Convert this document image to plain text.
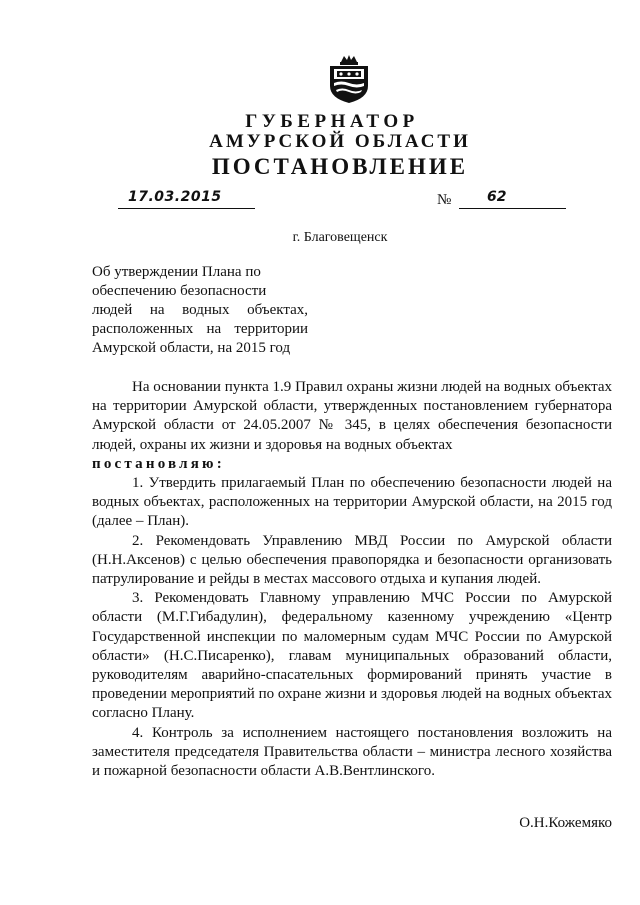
ГУБЕРНАТОР
АМУРСКОЙ ОБЛАСТИ
ПОСТАНОВЛЕНИЕ
17.03.2015	№	62
г. Благовещенск
Об утверждении Плана по
обеспечению безопасности
людей на водных объектах,
расположенных на территории
Амурской области, на 2015 год

На основании пункта 1.9 Правил охраны жизни людей на водных объектах на территории Амурской области, утвержденных постановлением губернатора Амурской области от 24.05.2007 № 345, в целях обеспечения безопасности людей, охраны их жизни и здоровья на водных объектах

постановляю:

1. Утвердить прилагаемый План по обеспечению безопасности людей на водных объектах, расположенных на территории Амурской области, на 2015 год (далее – План).

2. Рекомендовать Управлению МВД России по Амурской области (Н.Н.Аксенов) с целью обеспечения правопорядка и безопасности организовать патрулирование и рейды в местах массового отдыха и купания людей.

3. Рекомендовать Главному управлению МЧС России по Амурской области (М.Г.Гибадулин), федеральному казенному учреждению «Центр Государственной инспекции по маломерным судам МЧС России по Амурской области» (Н.С.Писаренко), главам муниципальных образований области, руководителям аварийно-спасательных формирований принять участие в проведении мероприятий по охране жизни и здоровья людей на водных объектах согласно Плану.

4. Контроль за исполнением настоящего постановления возложить на заместителя председателя Правительства области – министра лесного хозяйства и пожарной безопасности области А.В.Вентлинского.

О.Н.Кожемяко
